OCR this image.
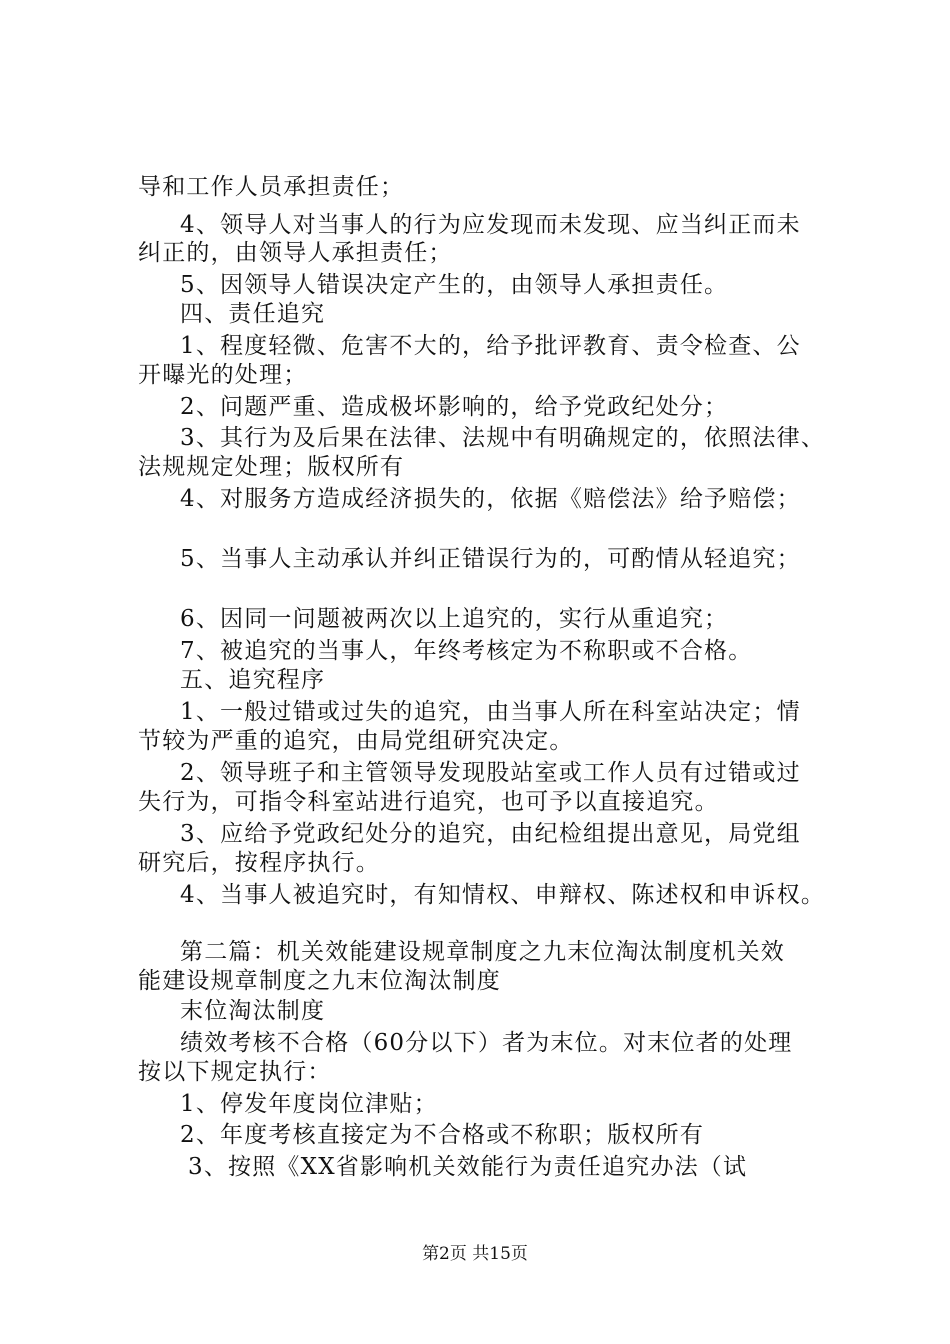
导和工作人员承担责任；
4、领导人对当事人的行为应发现而未发现、应当纠正而未
纠正的，由领导人承担责任；
5、因领导人错误决定产生的，由领导人承担责任。
四、责任追究
1、程度轻微、危害不大的，给予批评教育、责令检查、公
开曝光的处理；
2、问题严重、造成极坏影响的，给予党政纪处分；
3、其行为及后果在法律、法规中有明确规定的，依照法律、
法规规定处理；版权所有
4、对服务方造成经济损失的，依据《赔偿法》给予赔偿；
5、当事人主动承认并纠正错误行为的，可酌情从轻追究；
6、因同一问题被两次以上追究的，实行从重追究；
7、被追究的当事人，年终考核定为不称职或不合格。
五、追究程序
1、一般过错或过失的追究，由当事人所在科室站决定；情
节较为严重的追究，由局党组研究决定。
2、领导班子和主管领导发现股站室或工作人员有过错或过
失行为，可指令科室站进行追究，也可予以直接追究。
3、应给予党政纪处分的追究，由纪检组提出意见，局党组
研究后，按程序执行。
4、当事人被追究时，有知情权、申辩权、陈述权和申诉权。
第二篇：机关效能建设规章制度之九末位淘汰制度机关效
能建设规章制度之九末位淘汰制度
末位淘汰制度
绩效考核不合格（60分以下）者为末位。对末位者的处理
按以下规定执行：
1、停发年度岗位津贴；
2、年度考核直接定为不合格或不称职；版权所有
3、按照《XX省影响机关效能行为责任追究办法（试
第2页 共15页
